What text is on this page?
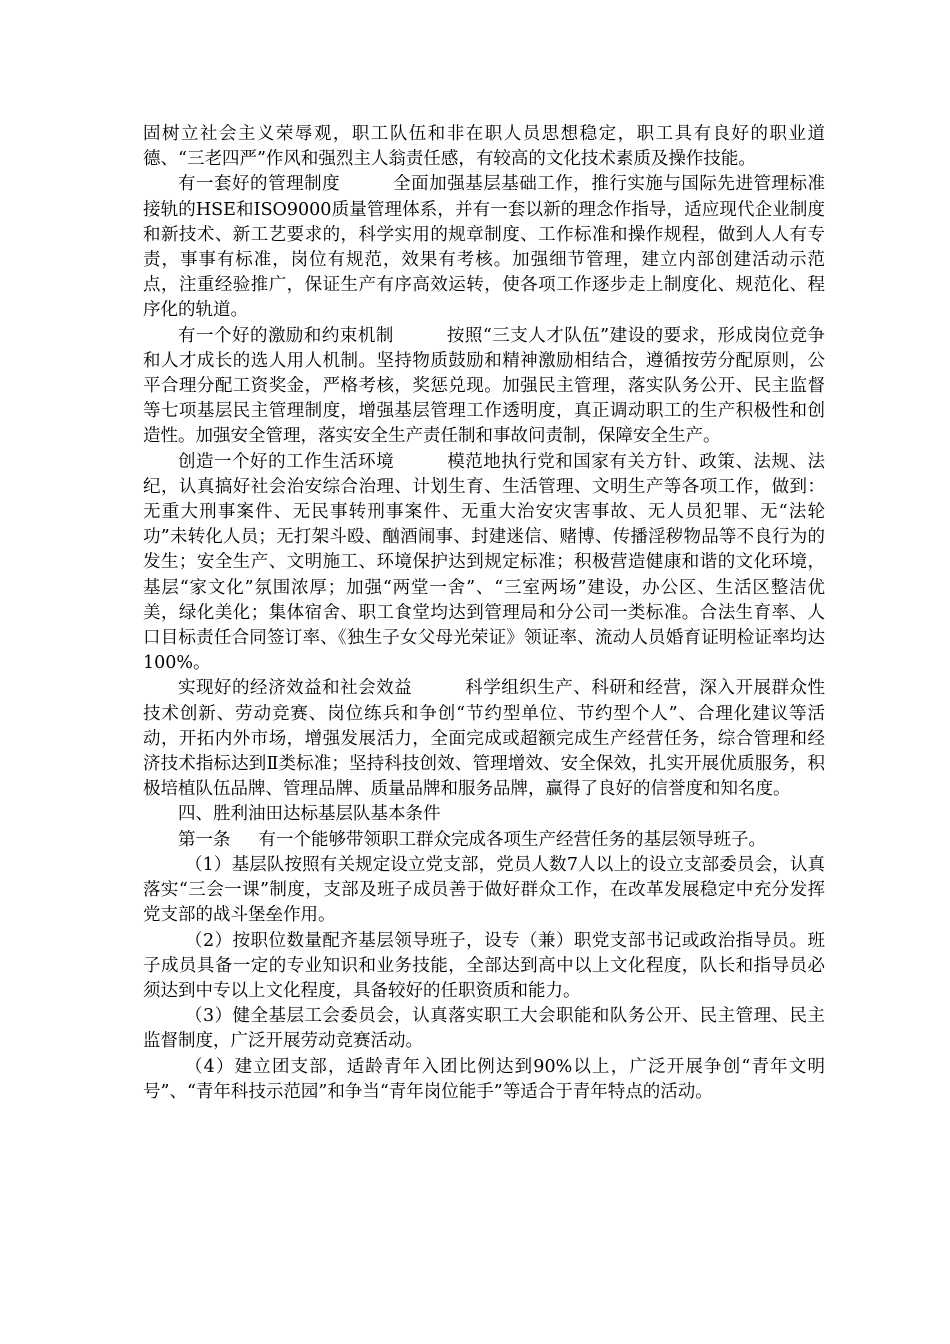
固树立社会主义荣辱观，职工队伍和非在职人员思想稳定，职工具有良好的职业道德、“三老四严”作风和强烈主人翁责任感，有较高的文化技术素质及操作技能。

有一套好的管理制度	全面加强基层基础工作，推行实施与国际先进管理标准接轨的HSE和ISO9000质量管理体系，并有一套以新的理念作指导，适应现代企业制度和新技术、新工艺要求的，科学实用的规章制度、工作标准和操作规程，做到人人有专责，事事有标准，岗位有规范，效果有考核。加强细节管理，建立内部创建活动示范点，注重经验推广，保证生产有序高效运转，使各项工作逐步走上制度化、规范化、程序化的轨道。

有一个好的激励和约束机制	按照“三支人才队伍”建设的要求，形成岗位竞争和人才成长的选人用人机制。坚持物质鼓励和精神激励相结合，遵循按劳分配原则，公平合理分配工资奖金，严格考核，奖惩兑现。加强民主管理，落实队务公开、民主监督等七项基层民主管理制度，增强基层管理工作透明度，真正调动职工的生产积极性和创造性。加强安全管理，落实安全生产责任制和事故问责制，保障安全生产。

创造一个好的工作生活环境	模范地执行党和国家有关方针、政策、法规、法纪，认真搞好社会治安综合治理、计划生育、生活管理、文明生产等各项工作，做到：无重大刑事案件、无民事转刑事案件、无重大治安灾害事故、无人员犯罪、无“法轮功”未转化人员；无打架斗殴、酗酒闹事、封建迷信、赌博、传播淫秽物品等不良行为的发生；安全生产、文明施工、环境保护达到规定标准；积极营造健康和谐的文化环境，基层“家文化”氛围浓厚；加强“两堂一舍”、“三室两场”建设，办公区、生活区整洁优美，绿化美化；集体宿舍、职工食堂均达到管理局和分公司一类标准。合法生育率、人口目标责任合同签订率、《独生子女父母光荣证》领证率、流动人员婚育证明检证率均达100%。

实现好的经济效益和社会效益	科学组织生产、科研和经营，深入开展群众性技术创新、劳动竞赛、岗位练兵和争创“节约型单位、节约型个人”、合理化建议等活动，开拓内外市场，增强发展活力，全面完成或超额完成生产经营任务，综合管理和经济技术指标达到Ⅱ类标准；坚持科技创效、管理增效、安全保效，扎实开展优质服务，积极培植队伍品牌、管理品牌、质量品牌和服务品牌，赢得了良好的信誉度和知名度。

四、胜利油田达标基层队基本条件

第一条 有一个能够带领职工群众完成各项生产经营任务的基层领导班子。

（1）基层队按照有关规定设立党支部，党员人数7人以上的设立支部委员会，认真落实“三会一课”制度，支部及班子成员善于做好群众工作，在改革发展稳定中充分发挥党支部的战斗堡垒作用。

（2）按职位数量配齐基层领导班子，设专（兼）职党支部书记或政治指导员。班子成员具备一定的专业知识和业务技能，全部达到高中以上文化程度，队长和指导员必须达到中专以上文化程度，具备较好的任职资质和能力。

（3）健全基层工会委员会，认真落实职工大会职能和队务公开、民主管理、民主监督制度，广泛开展劳动竞赛活动。

（4）建立团支部，适龄青年入团比例达到90%以上，广泛开展争创“青年文明号”、“青年科技示范园”和争当“青年岗位能手”等适合于青年特点的活动。
